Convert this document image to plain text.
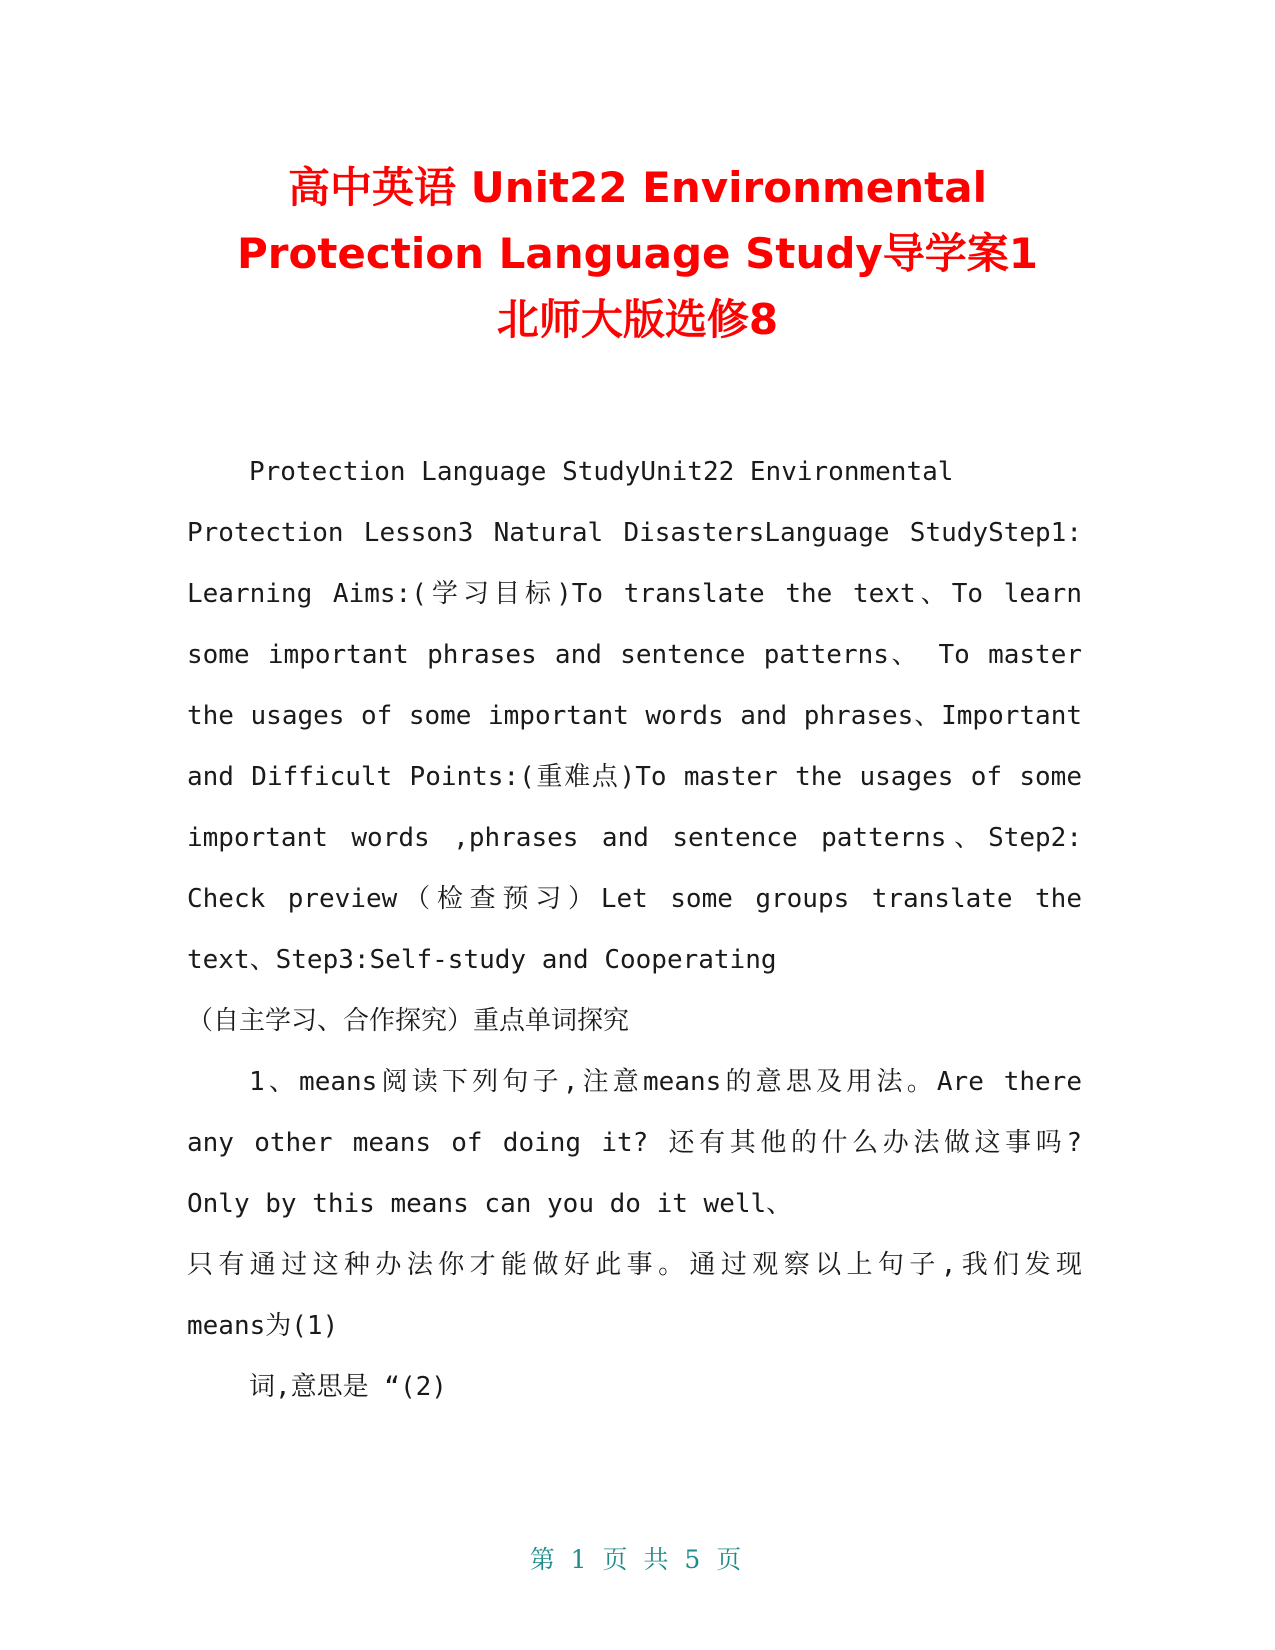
高中英语 Unit22 Environmental
Protection Language Study导学案1
北师大版选修8
Protection Language StudyUnit22 Environmental
Protection Lesson3 Natural DisastersLanguage StudyStep1:
Learning Aims:(学习目标)To translate the text、To learn
some important phrases and sentence patterns、 To master
the usages of some important words and phrases、Important
and Difficult Points:(重难点)To master the usages of some
important words ,phrases and sentence patterns、Step2:
Check preview（检查预习）Let some groups translate the
text、Step3:Self-study and Cooperating
（自主学习、合作探究）重点单词探究
1、means阅读下列句子,注意means的意思及用法。Are there
any other means of doing it? 还有其他的什么办法做这事吗?
Only by this means can you do it well、
只有通过这种办法你才能做好此事。通过观察以上句子,我们发现
means为(1)
词,意思是 “(2)
第 1 页 共 5 页
